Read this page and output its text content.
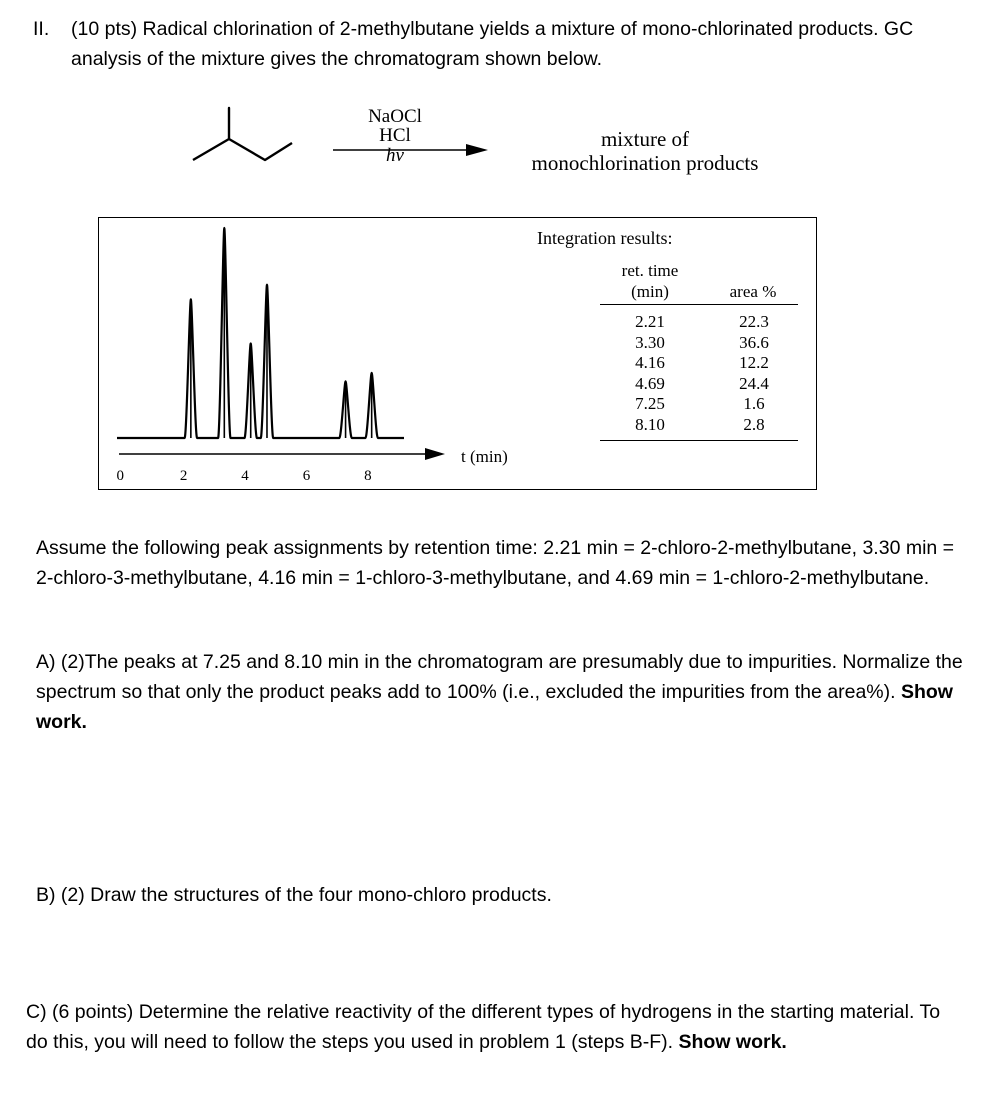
II. (10 pts) Radical chlorination of 2-methylbutane yields a mixture of mono-chlorinated products. GC analysis of the mixture gives the chromatogram shown below.

NaOCl
HCl
hv
mixture of
monochlorination products
0	2	4	6	8
t (min)
Integration results:
ret. time
(min)	area %
2.21	22.3
3.30	36.6
4.16	12.2
4.69	24.4
7.25	1.6
8.10	2.8

Assume the following peak assignments by retention time: 2.21 min = 2-chloro-2-methylbutane, 3.30 min = 2-chloro-3-methylbutane, 4.16 min = 1-chloro-3-methylbutane, and 4.69 min = 1-chloro-2-methylbutane.

A) (2)The peaks at 7.25 and 8.10 min in the chromatogram are presumably due to impurities. Normalize the spectrum so that only the product peaks add to 100% (i.e., excluded the impurities from the area%). Show work.

B) (2) Draw the structures of the four mono-chloro products.

C) (6 points) Determine the relative reactivity of the different types of hydrogens in the starting material. To do this, you will need to follow the steps you used in problem 1 (steps B-F). Show work.
